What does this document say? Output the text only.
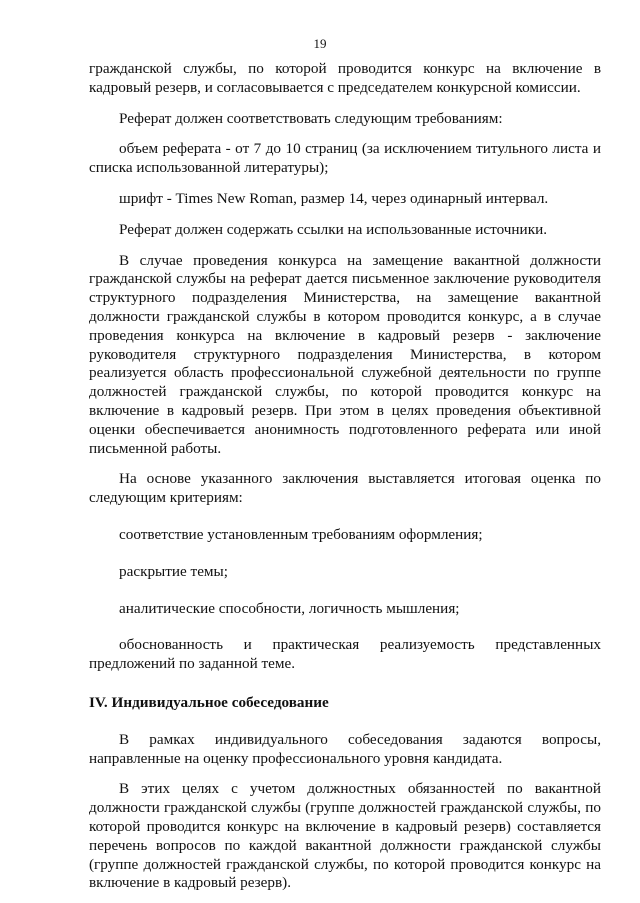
19

гражданской службы, по которой проводится конкурс на включение в кадровый резерв, и согласовывается с председателем конкурсной комиссии.

Реферат должен соответствовать следующим требованиям:

объем реферата - от 7 до 10 страниц (за исключением титульного листа и списка использованной литературы);

шрифт - Times New Roman, размер 14, через одинарный интервал.

Реферат должен содержать ссылки на использованные источники.

В случае проведения конкурса на замещение вакантной должности гражданской службы на реферат дается письменное заключение руководителя структурного подразделения Министерства, на замещение вакантной должности гражданской службы в котором проводится конкурс, а в случае проведения конкурса на включение в кадровый резерв - заключение руководителя структурного подразделения Министерства, в котором реализуется область профессиональной служебной деятельности по группе должностей гражданской службы, по которой проводится конкурс на включение в кадровый резерв. При этом в целях проведения объективной оценки обеспечивается анонимность подготовленного реферата или иной письменной работы.

На основе указанного заключения выставляется итоговая оценка по следующим критериям:

соответствие установленным требованиям оформления;

раскрытие темы;

аналитические способности, логичность мышления;

обоснованность и практическая реализуемость представленных предложений по заданной теме.

IV. Индивидуальное собеседование

В рамках индивидуального собеседования задаются вопросы, направленные на оценку профессионального уровня кандидата.

В этих целях с учетом должностных обязанностей по вакантной должности гражданской службы (группе должностей гражданской службы, по которой проводится конкурс на включение в кадровый резерв) составляется перечень вопросов по каждой вакантной должности гражданской службы (группе должностей гражданской службы, по которой проводится конкурс на включение в кадровый резерв).
